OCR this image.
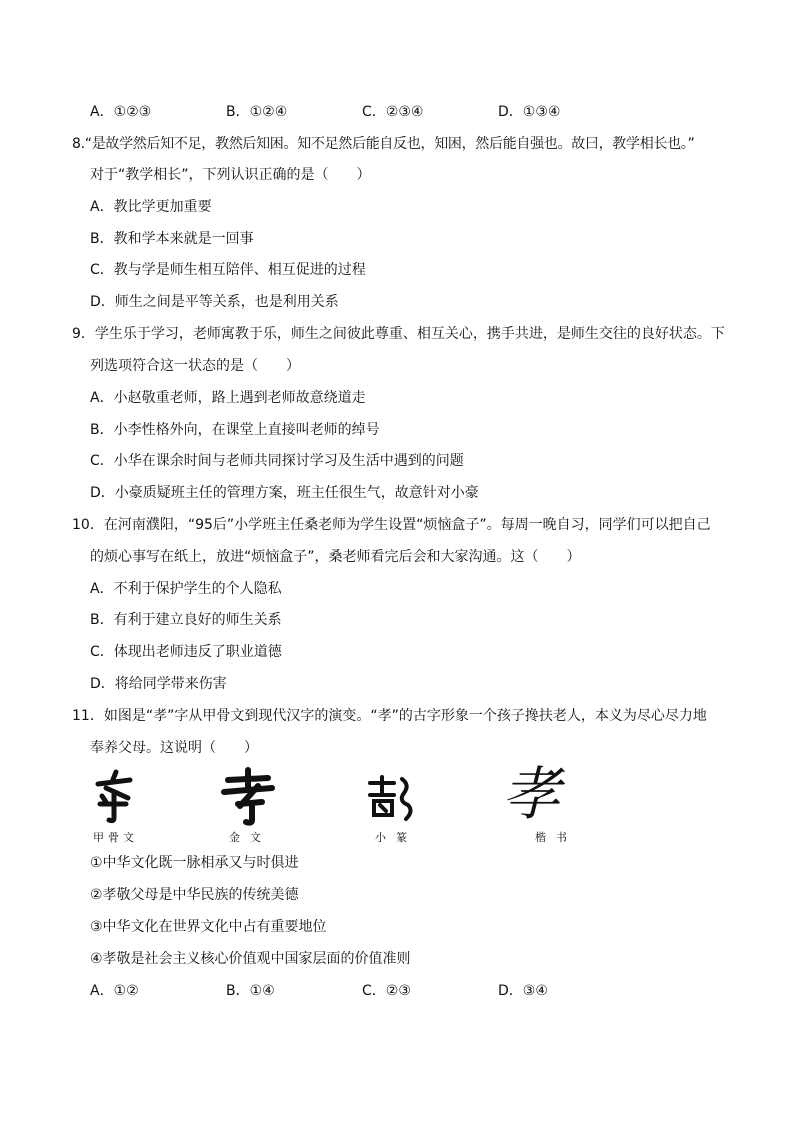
A．①②③	B．①②④	C．②③④	D．①③④
8.“是故学然后知不足，教然后知困。知不足然后能自反也，知困，然后能自强也。故曰，教学相长也。”
对于“教学相长”，下列认识正确的是（　　）
A．教比学更加重要
B．教和学本来就是一回事
C．教与学是师生相互陪伴、相互促进的过程
D．师生之间是平等关系，也是利用关系
9．学生乐于学习，老师寓教于乐，师生之间彼此尊重、相互关心，携手共进，是师生交往的良好状态。下
列选项符合这一状态的是（　　）
A．小赵敬重老师，路上遇到老师故意绕道走
B．小李性格外向，在课堂上直接叫老师的绰号
C．小华在课余时间与老师共同探讨学习及生活中遇到的问题
D．小豪质疑班主任的管理方案，班主任很生气，故意针对小豪
10．在河南濮阳，“95后”小学班主任桑老师为学生设置“烦恼盒子”。每周一晚自习，同学们可以把自己
的烦心事写在纸上，放进“烦恼盒子”，桑老师看完后会和大家沟通。这（　　）
A．不利于保护学生的个人隐私
B．有利于建立良好的师生关系
C．体现出老师违反了职业道德
D．将给同学带来伤害
11．如图是“孝”字从甲骨文到现代汉字的演变。“孝”的古字形象一个孩子搀扶老人，本义为尽心尽力地
奉养父母。这说明（　　）
孝
甲骨文	金文	小篆	楷书
①中华文化既一脉相承又与时俱进
②孝敬父母是中华民族的传统美德
③中华文化在世界文化中占有重要地位
④孝敬是社会主义核心价值观中国家层面的价值准则
A．①②	B．①④	C．②③	D．③④
